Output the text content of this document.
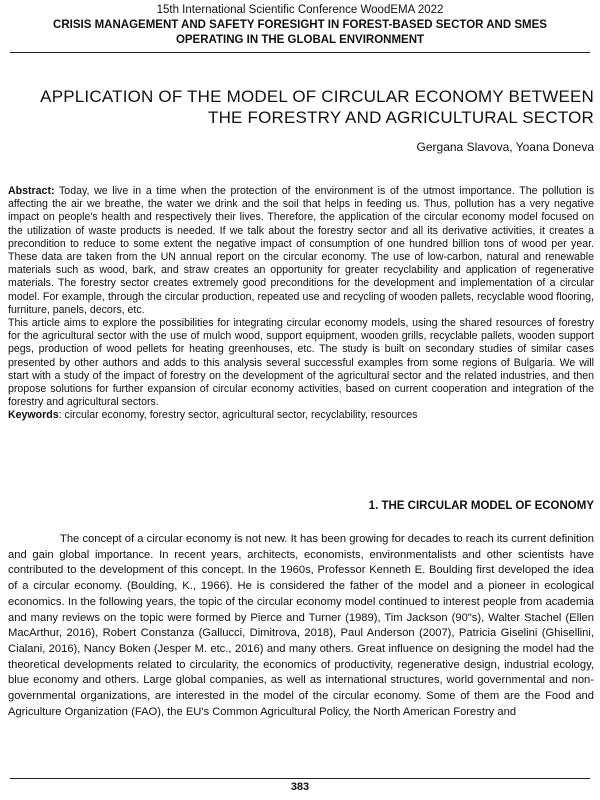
15th International Scientific Conference WoodEMA 2022
CRISIS MANAGEMENT AND SAFETY FORESIGHT IN FOREST-BASED SECTOR AND SMES
OPERATING IN THE GLOBAL ENVIRONMENT
APPLICATION OF THE MODEL OF CIRCULAR ECONOMY BETWEEN
THE FORESTRY AND AGRICULTURAL SECTOR
Gergana Slavova, Yoana Doneva

Abstract: Today, we live in a time when the protection of the environment is of the utmost importance. The pollution is affecting the air we breathe, the water we drink and the soil that helps in feeding us. Thus, pollution has a very negative impact on people's health and respectively their lives. Therefore, the application of the circular economy model focused on the utilization of waste products is needed. If we talk about the forestry sector and all its derivative activities, it creates a precondition to reduce to some extent the negative impact of consumption of one hundred billion tons of wood per year. These data are taken from the UN annual report on the circular economy. The use of low-carbon, natural and renewable materials such as wood, bark, and straw creates an opportunity for greater recyclability and application of regenerative materials. The forestry sector creates extremely good preconditions for the development and implementation of a circular model. For example, through the circular production, repeated use and recycling of wooden pallets, recyclable wood flooring, furniture, panels, decors, etc.

This article aims to explore the possibilities for integrating circular economy models, using the shared resources of forestry for the agricultural sector with the use of mulch wood, support equipment, wooden grills, recyclable pallets, wooden support pegs, production of wood pellets for heating greenhouses, etc. The study is built on secondary studies of similar cases presented by other authors and adds to this analysis several successful examples from some regions of Bulgaria. We will start with a study of the impact of forestry on the development of the agricultural sector and the related industries, and then propose solutions for further expansion of circular economy activities, based on current cooperation and integration of the forestry and agricultural sectors.

Keywords: circular economy, forestry sector, agricultural sector, recyclability, resources

1. THE CIRCULAR MODEL OF ECONOMY

The concept of a circular economy is not new. It has been growing for decades to reach its current definition and gain global importance. In recent years, architects, economists, environmentalists and other scientists have contributed to the development of this concept. In the 1960s, Professor Kenneth E. Boulding first developed the idea of a circular economy. (Boulding, K., 1966). He is considered the father of the model and a pioneer in ecological economics. In the following years, the topic of the circular economy model continued to interest people from academia and many reviews on the topic were formed by Pierce and Turner (1989), Tim Jackson (90"s), Walter Stachel (Ellen MacArthur, 2016), Robert Constanza (Gallucci, Dimitrova, 2018), Paul Anderson (2007), Patricia Giselini (Ghisellini, Cialani, 2016), Nancy Boken (Jesper M. etc., 2016) and many others. Great influence on designing the model had the theoretical developments related to circularity, the economics of productivity, regenerative design, industrial ecology, blue economy and others. Large global companies, as well as international structures, world governmental and non-governmental organizations, are interested in the model of the circular economy. Some of them are the Food and Agriculture Organization (FAO), the EU's Common Agricultural Policy, the North American Forestry and

383
